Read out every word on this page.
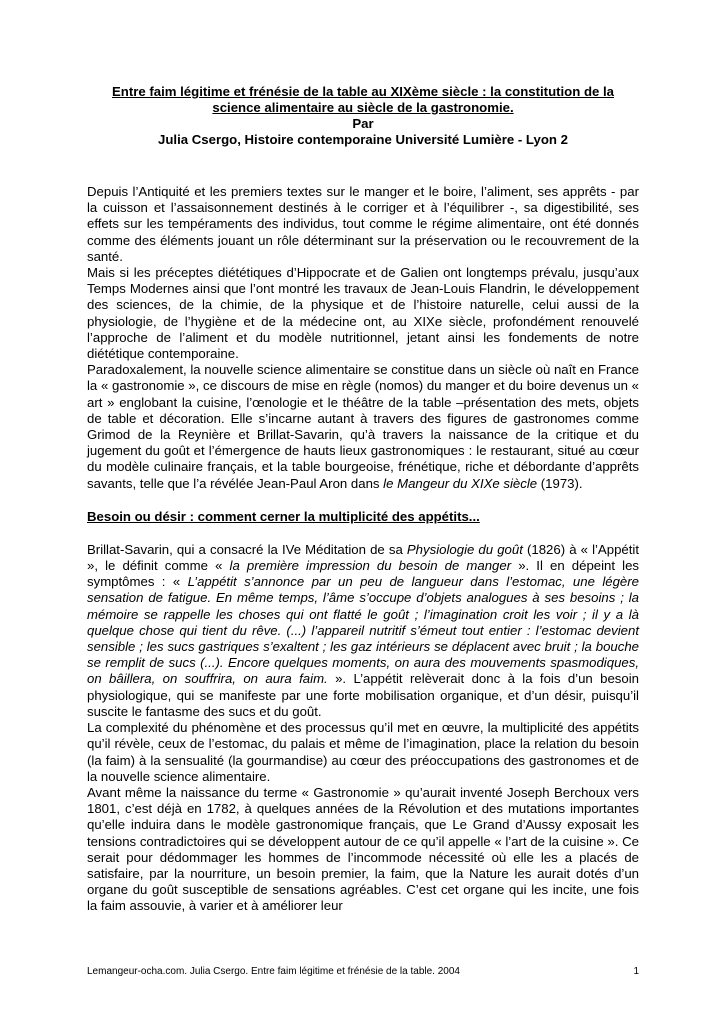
Entre faim légitime et frénésie de la table au XIXème siècle : la constitution de la
science alimentaire au siècle de la gastronomie.
Par
Julia Csergo, Histoire contemporaine Université Lumière - Lyon 2

Depuis l’Antiquité et les premiers textes sur le manger et le boire, l’aliment, ses apprêts - par la cuisson et l’assaisonnement destinés à le corriger et à l’équilibrer -, sa digestibilité, ses effets sur les tempéraments des individus, tout comme le régime alimentaire, ont été donnés comme des éléments jouant un rôle déterminant sur la préservation ou le recouvrement de la santé.

Mais si les préceptes diététiques d’Hippocrate et de Galien ont longtemps prévalu, jusqu’aux Temps Modernes ainsi que l’ont montré les travaux de Jean-Louis Flandrin, le développement des sciences, de la chimie, de la physique et de l’histoire naturelle, celui aussi de la physiologie, de l’hygiène et de la médecine ont, au XIXe siècle, profondément renouvelé l’approche de l’aliment et du modèle nutritionnel, jetant ainsi les fondements de notre diététique contemporaine.

Paradoxalement, la nouvelle science alimentaire se constitue dans un siècle où naît en France la « gastronomie », ce discours de mise en règle (nomos) du manger et du boire devenus un « art » englobant la cuisine, l’œnologie et le théâtre de la table –présentation des mets, objets de table et décoration. Elle s’incarne autant à travers des figures de gastronomes comme Grimod de la Reynière et Brillat-Savarin, qu’à travers la naissance de la critique et du jugement du goût et l’émergence de hauts lieux gastronomiques : le restaurant, situé au cœur du modèle culinaire français, et la table bourgeoise, frénétique, riche et débordante d’apprêts savants, telle que l’a révélée Jean-Paul Aron dans le Mangeur du XIXe siècle (1973).

Besoin ou désir : comment cerner la multiplicité des appétits...

Brillat-Savarin, qui a consacré la IVe Méditation de sa Physiologie du goût (1826) à « l’Appétit », le définit comme « la première impression du besoin de manger ». Il en dépeint les symptômes : « L’appétit s’annonce par un peu de langueur dans l’estomac, une légère sensation de fatigue. En même temps, l’âme s’occupe d’objets analogues à ses besoins ; la mémoire se rappelle les choses qui ont flatté le goût ; l’imagination croit les voir ; il y a là quelque chose qui tient du rêve. (...) l’appareil nutritif s’émeut tout entier : l’estomac devient sensible ; les sucs gastriques s’exaltent ; les gaz intérieurs se déplacent avec bruit ; la bouche se remplit de sucs (...). Encore quelques moments, on aura des mouvements spasmodiques, on bâillera, on souffrira, on aura faim. ». L’appétit relèverait donc à la fois d’un besoin physiologique, qui se manifeste par une forte mobilisation organique, et d’un désir, puisqu’il suscite le fantasme des sucs et du goût.

La complexité du phénomène et des processus qu’il met en œuvre, la multiplicité des appétits qu’il révèle, ceux de l’estomac, du palais et même de l’imagination, place la relation du besoin (la faim) à la sensualité (la gourmandise) au cœur des préoccupations des gastronomes et de la nouvelle science alimentaire.

Avant même la naissance du terme « Gastronomie » qu’aurait inventé Joseph Berchoux vers 1801, c’est déjà en 1782, à quelques années de la Révolution et des mutations importantes qu’elle induira dans le modèle gastronomique français, que Le Grand d’Aussy exposait les tensions contradictoires qui se développent autour de ce qu’il appelle « l’art de la cuisine ». Ce serait pour dédommager les hommes de l’incommode nécessité où elle les a placés de satisfaire, par la nourriture, un besoin premier, la faim, que la Nature les aurait dotés d’un organe du goût susceptible de sensations agréables. C’est cet organe qui les incite, une fois la faim assouvie, à varier et à améliorer leur

Lemangeur-ocha.com. Julia Csergo. Entre faim légitime et frénésie de la table. 2004	1
